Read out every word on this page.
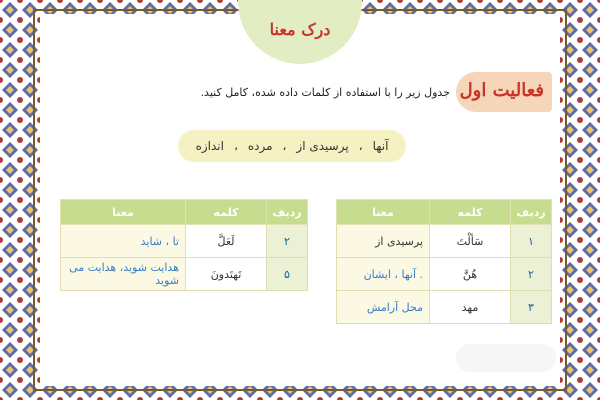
درک معنا
فعالیت اول
جدول زیر را با استفاده از کلمات داده شده، کامل کنید.
آنها
،
پرسیدی از
،
مرده
،
اندازه
ردیف	کلمه	معنا
۱	سَألْتَ	پرسیدی از
۲	هُنَّ	. آنها ، ایشان
۳	مهد	محل آرامش
ردیف	کلمه	معنا
۲	لَعَلَّ	تا ، شاید
۵	تَهتَدونَ	هدایت شوید، هدایت می شوید
